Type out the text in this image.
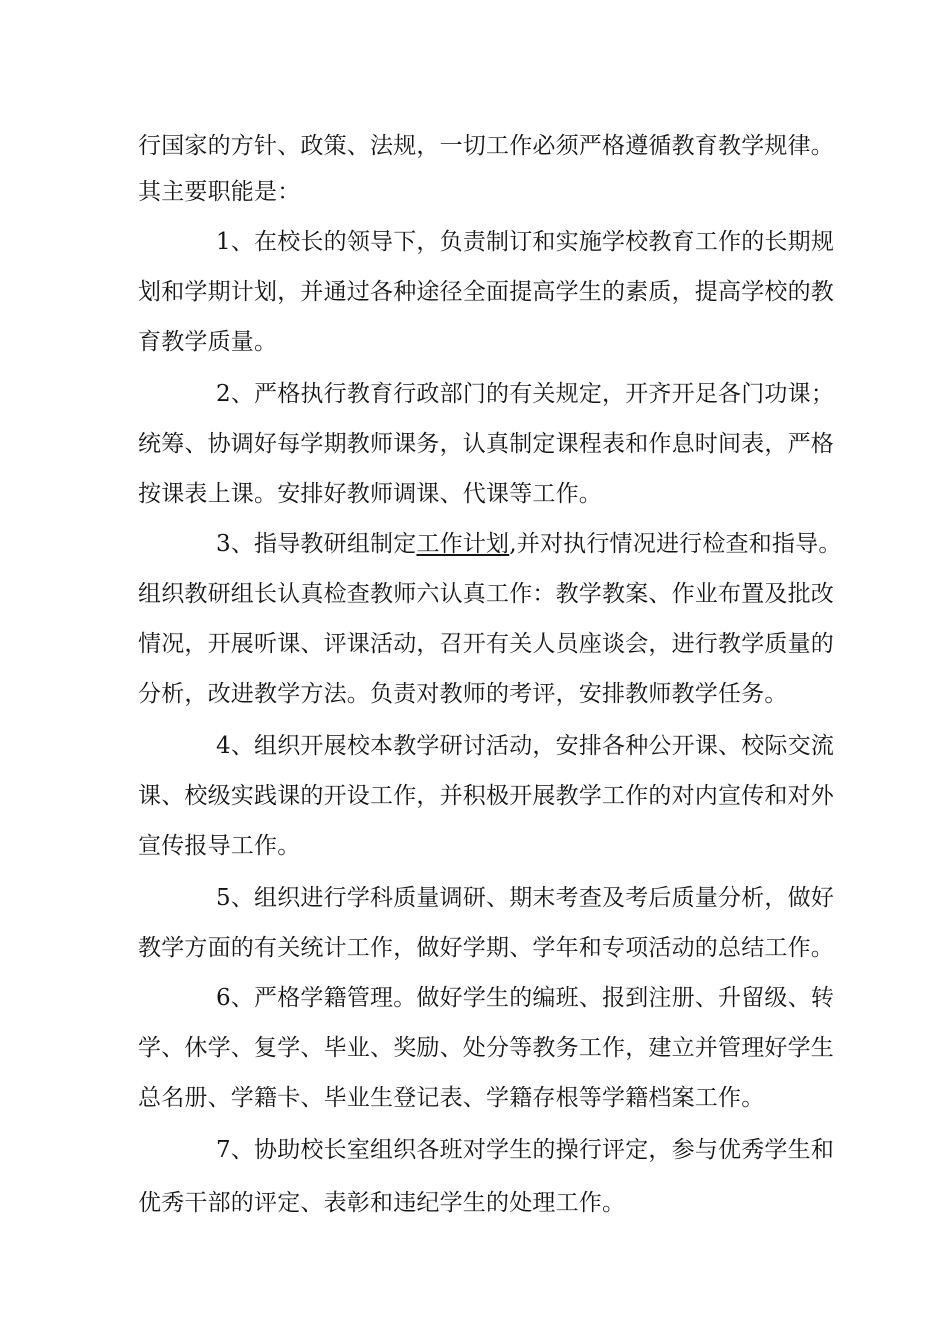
行国家的方针、政策、法规，一切工作必须严格遵循教育教学规律。

其主要职能是：

1、在校长的领导下，负责制订和实施学校教育工作的长期规

划和学期计划，并通过各种途径全面提高学生的素质，提高学校的教

育教学质量。

2、严格执行教育行政部门的有关规定，开齐开足各门功课；

统筹、协调好每学期教师课务，认真制定课程表和作息时间表，严格

按课表上课。安排好教师调课、代课等工作。

3、指导教研组制定工作计划,并对执行情况进行检查和指导。

组织教研组长认真检查教师六认真工作：教学教案、作业布置及批改

情况，开展听课、评课活动，召开有关人员座谈会，进行教学质量的

分析，改进教学方法。负责对教师的考评，安排教师教学任务。

4、组织开展校本教学研讨活动，安排各种公开课、校际交流

课、校级实践课的开设工作，并积极开展教学工作的对内宣传和对外

宣传报导工作。

5、组织进行学科质量调研、期末考查及考后质量分析，做好

教学方面的有关统计工作，做好学期、学年和专项活动的总结工作。

6、严格学籍管理。做好学生的编班、报到注册、升留级、转

学、休学、复学、毕业、奖励、处分等教务工作，建立并管理好学生

总名册、学籍卡、毕业生登记表、学籍存根等学籍档案工作。

7、协助校长室组织各班对学生的操行评定，参与优秀学生和

优秀干部的评定、表彰和违纪学生的处理工作。
